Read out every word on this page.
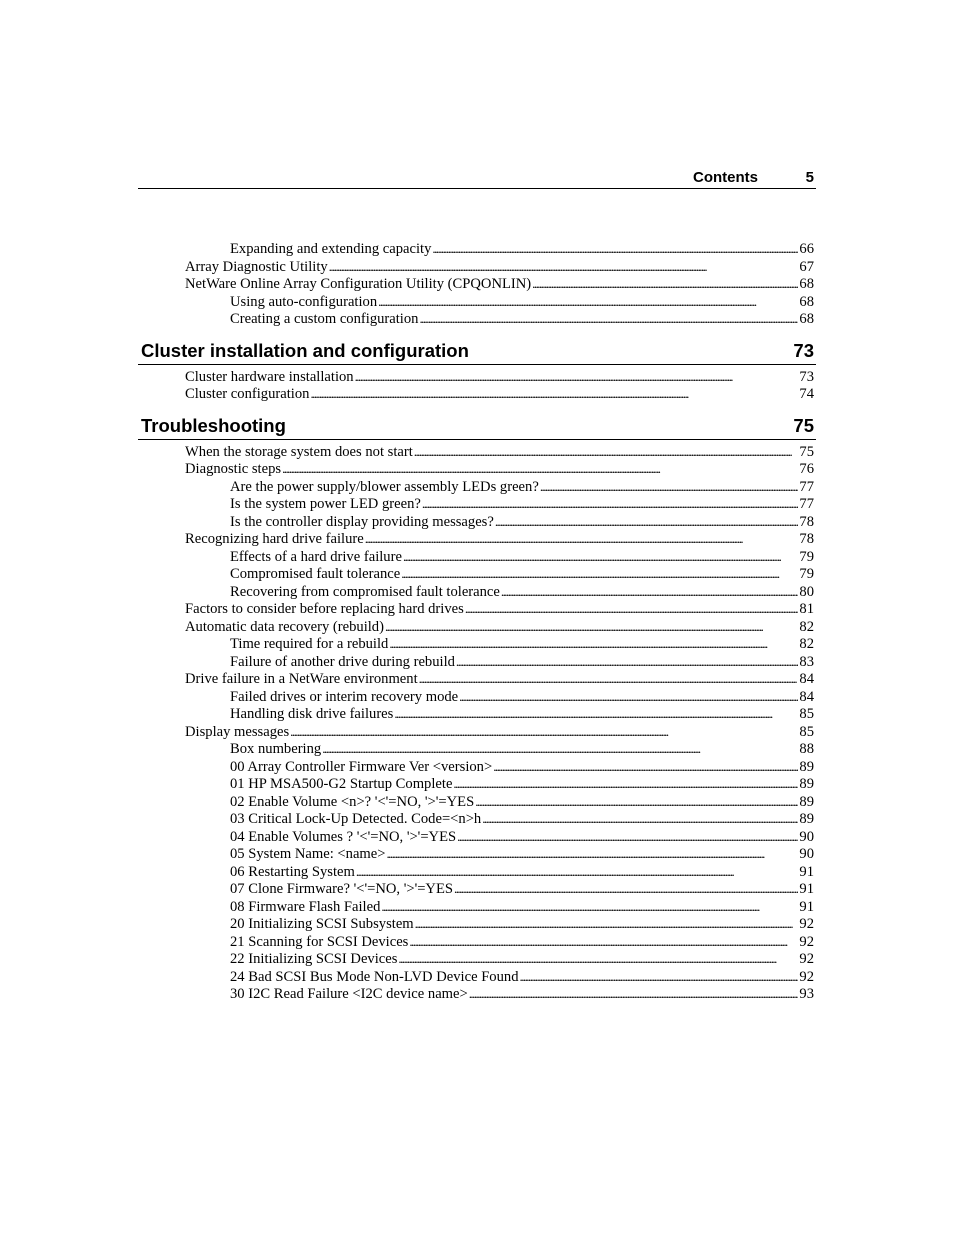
Contents	5
Expanding and extending capacity . . .	66
Array Diagnostic Utility . . .	67
NetWare Online Array Configuration Utility (CPQONLIN) . . .	68
Using auto-configuration . . .	68
Creating a custom configuration . . .	68
Cluster installation and configuration	73
Cluster hardware installation . . .	73
Cluster configuration . . .	74
Troubleshooting	75
When the storage system does not start . . .	75
Diagnostic steps . . .	76
Are the power supply/blower assembly LEDs green? . . .	77
Is the system power LED green? . . .	77
Is the controller display providing messages? . . .	78
Recognizing hard drive failure . . .	78
Effects of a hard drive failure . . .	79
Compromised fault tolerance . . .	79
Recovering from compromised fault tolerance . . .	80
Factors to consider before replacing hard drives . . .	81
Automatic data recovery (rebuild) . . .	82
Time required for a rebuild . . .	82
Failure of another drive during rebuild . . .	83
Drive failure in a NetWare environment . . .	84
Failed drives or interim recovery mode . . .	84
Handling disk drive failures . . .	85
Display messages . . .	85
Box numbering . . .	88
00 Array Controller Firmware Ver <version> . . .	89
01 HP MSA500-G2 Startup Complete . . .	89
02 Enable Volume <n>? '<'=NO, '>'=YES . . .	89
03 Critical Lock-Up Detected. Code=<n>h . . .	89
04 Enable Volumes ? '<'=NO, '>'=YES . . .	90
05 System Name: <name> . . .	90
06 Restarting System . . .	91
07 Clone Firmware? '<'=NO, '>'=YES . . .	91
08 Firmware Flash Failed . . .	91
20 Initializing SCSI Subsystem . . .	92
21 Scanning for SCSI Devices . . .	92
22 Initializing SCSI Devices . . .	92
24 Bad SCSI Bus Mode Non-LVD Device Found . . .	92
30 I2C Read Failure <I2C device name> . . .	93
